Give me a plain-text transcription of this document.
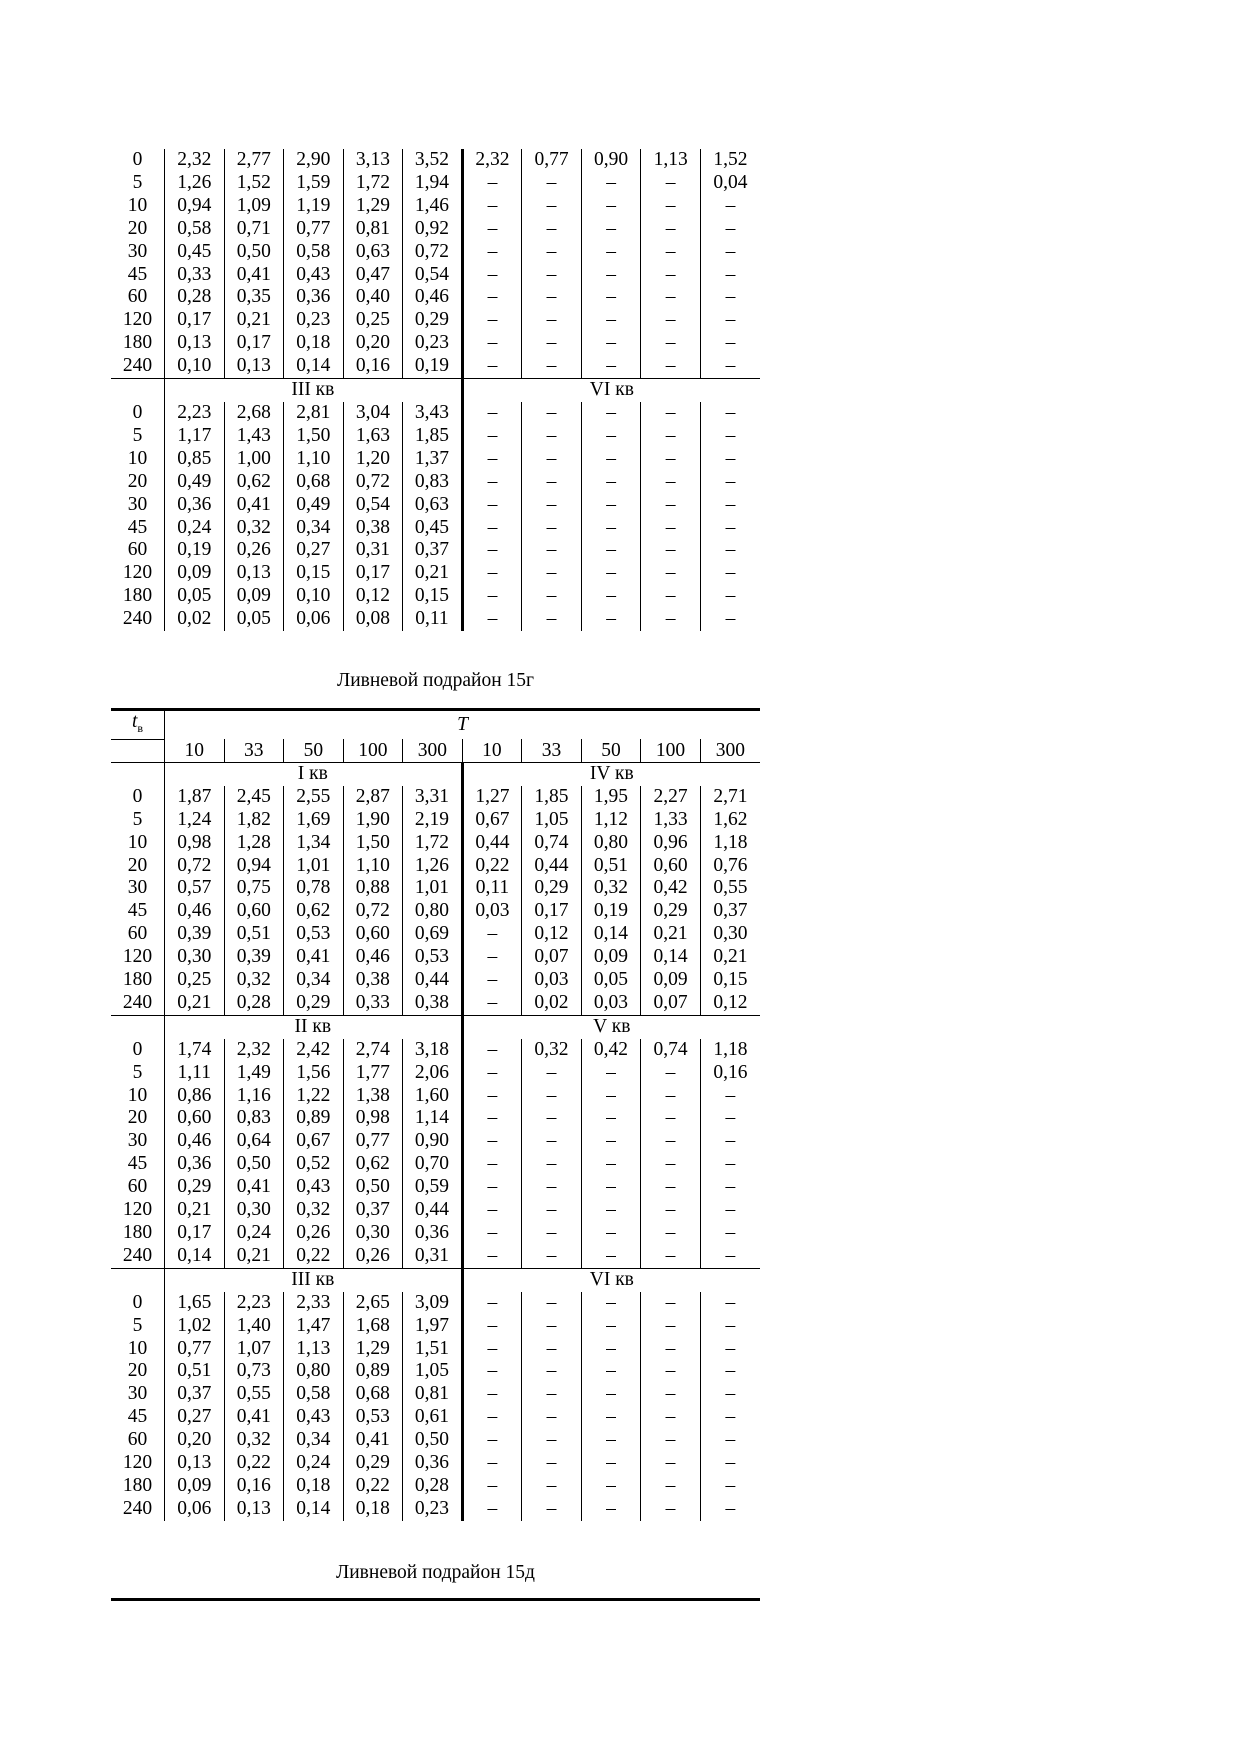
0	2,32	2,77	2,90	3,13	3,52	2,32	0,77	0,90	1,13	1,52
5	1,26	1,52	1,59	1,72	1,94	–	–	–	–	0,04
10	0,94	1,09	1,19	1,29	1,46	–	–	–	–	–
20	0,58	0,71	0,77	0,81	0,92	–	–	–	–	–
30	0,45	0,50	0,58	0,63	0,72	–	–	–	–	–
45	0,33	0,41	0,43	0,47	0,54	–	–	–	–	–
60	0,28	0,35	0,36	0,40	0,46	–	–	–	–	–
120	0,17	0,21	0,23	0,25	0,29	–	–	–	–	–
180	0,13	0,17	0,18	0,20	0,23	–	–	–	–	–
240	0,10	0,13	0,14	0,16	0,19	–	–	–	–	–
	III кв					VI кв				
0	2,23	2,68	2,81	3,04	3,43	–	–	–	–	–
5	1,17	1,43	1,50	1,63	1,85	–	–	–	–	–
10	0,85	1,00	1,10	1,20	1,37	–	–	–	–	–
20	0,49	0,62	0,68	0,72	0,83	–	–	–	–	–
30	0,36	0,41	0,49	0,54	0,63	–	–	–	–	–
45	0,24	0,32	0,34	0,38	0,45	–	–	–	–	–
60	0,19	0,26	0,27	0,31	0,37	–	–	–	–	–
120	0,09	0,13	0,15	0,17	0,21	–	–	–	–	–
180	0,05	0,09	0,10	0,12	0,15	–	–	–	–	–
240	0,02	0,05	0,06	0,08	0,11	–	–	–	–	–
Ливневой подрайон 15г
$t_в$	T									
	10	33	50	100	300	10	33	50	100	300
	I кв					IV кв				
0	1,87	2,45	2,55	2,87	3,31	1,27	1,85	1,95	2,27	2,71
5	1,24	1,82	1,69	1,90	2,19	0,67	1,05	1,12	1,33	1,62
10	0,98	1,28	1,34	1,50	1,72	0,44	0,74	0,80	0,96	1,18
20	0,72	0,94	1,01	1,10	1,26	0,22	0,44	0,51	0,60	0,76
30	0,57	0,75	0,78	0,88	1,01	0,11	0,29	0,32	0,42	0,55
45	0,46	0,60	0,62	0,72	0,80	0,03	0,17	0,19	0,29	0,37
60	0,39	0,51	0,53	0,60	0,69	–	0,12	0,14	0,21	0,30
120	0,30	0,39	0,41	0,46	0,53	–	0,07	0,09	0,14	0,21
180	0,25	0,32	0,34	0,38	0,44	–	0,03	0,05	0,09	0,15
240	0,21	0,28	0,29	0,33	0,38	–	0,02	0,03	0,07	0,12
	II кв					V кв				
0	1,74	2,32	2,42	2,74	3,18	–	0,32	0,42	0,74	1,18
5	1,11	1,49	1,56	1,77	2,06	–	–	–	–	0,16
10	0,86	1,16	1,22	1,38	1,60	–	–	–	–	–
20	0,60	0,83	0,89	0,98	1,14	–	–	–	–	–
30	0,46	0,64	0,67	0,77	0,90	–	–	–	–	–
45	0,36	0,50	0,52	0,62	0,70	–	–	–	–	–
60	0,29	0,41	0,43	0,50	0,59	–	–	–	–	–
120	0,21	0,30	0,32	0,37	0,44	–	–	–	–	–
180	0,17	0,24	0,26	0,30	0,36	–	–	–	–	–
240	0,14	0,21	0,22	0,26	0,31	–	–	–	–	–
	III кв					VI кв				
0	1,65	2,23	2,33	2,65	3,09	–	–	–	–	–
5	1,02	1,40	1,47	1,68	1,97	–	–	–	–	–
10	0,77	1,07	1,13	1,29	1,51	–	–	–	–	–
20	0,51	0,73	0,80	0,89	1,05	–	–	–	–	–
30	0,37	0,55	0,58	0,68	0,81	–	–	–	–	–
45	0,27	0,41	0,43	0,53	0,61	–	–	–	–	–
60	0,20	0,32	0,34	0,41	0,50	–	–	–	–	–
120	0,13	0,22	0,24	0,29	0,36	–	–	–	–	–
180	0,09	0,16	0,18	0,22	0,28	–	–	–	–	–
240	0,06	0,13	0,14	0,18	0,23	–	–	–	–	–
Ливневой подрайон 15д
